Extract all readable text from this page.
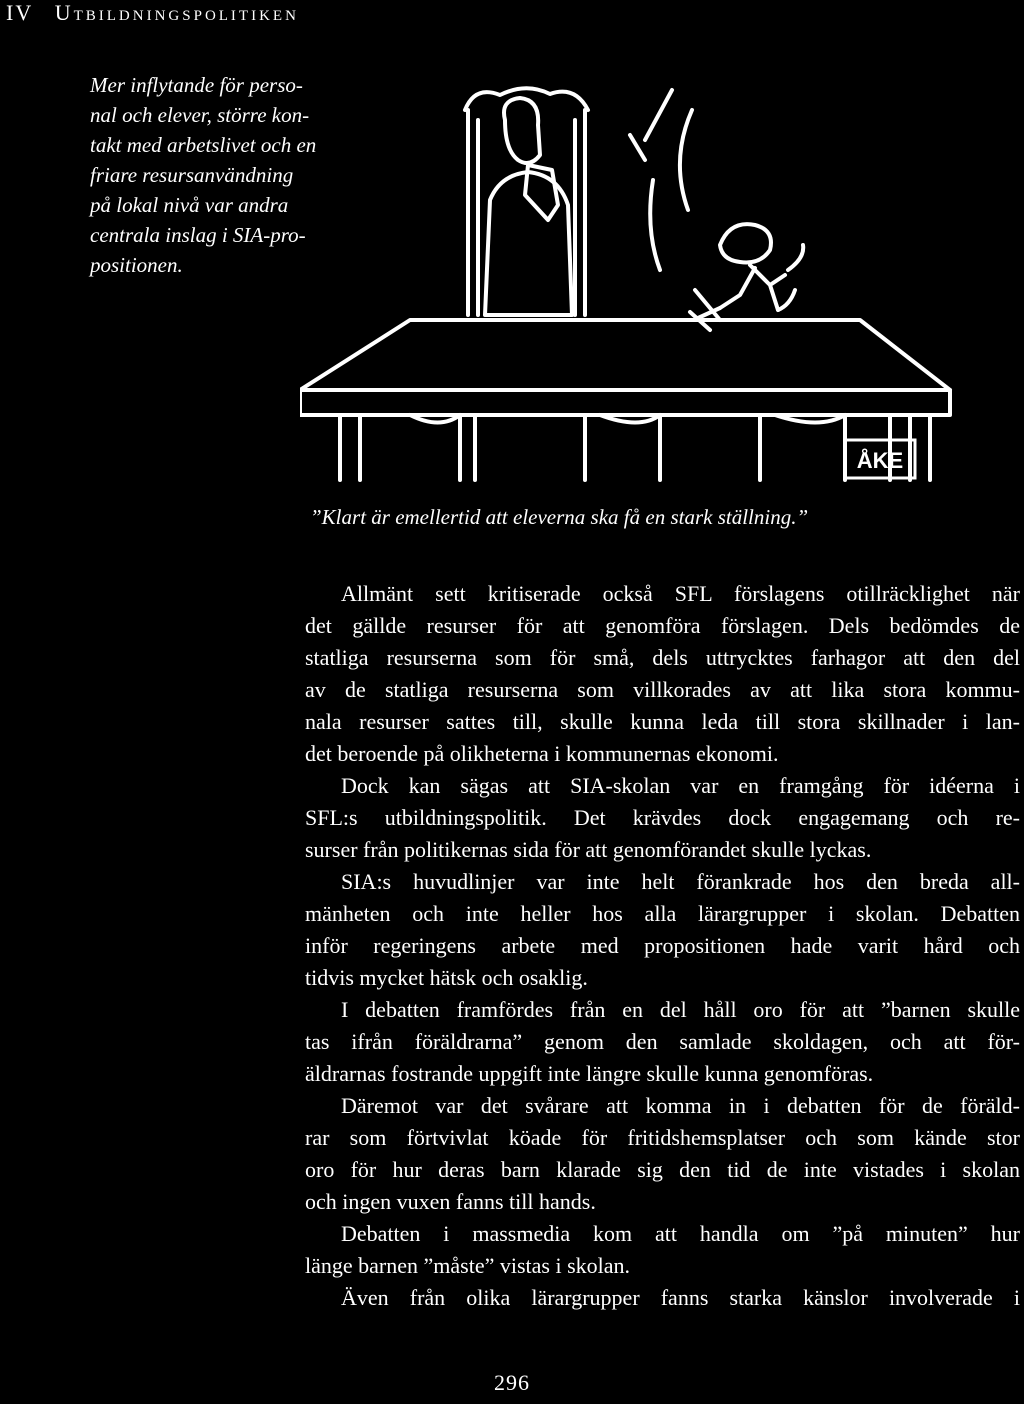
IV Utbildningspolitiken
Mer inflytande för perso-
nal och elever, större kon-
takt med arbetslivet och en
friare resursanvändning
på lokal nivå var andra
centrala inslag i SIA-pro-
positionen.
ÅKE
”Klart är emellertid att eleverna ska få en stark ställning.”
Allmänt sett kritiserade också SFL förslagens otillräcklighet när
det gällde resurser för att genomföra förslagen. Dels bedömdes de
statliga resurserna som för små, dels uttrycktes farhagor att den del
av de statliga resurserna som villkorades av att lika stora kommu-
nala resurser sattes till, skulle kunna leda till stora skillnader i lan-
det beroende på olikheterna i kommunernas ekonomi.
Dock kan sägas att SIA-skolan var en framgång för idéerna i
SFL:s utbildningspolitik. Det krävdes dock engagemang och re-
surser från politikernas sida för att genomförandet skulle lyckas.
SIA:s huvudlinjer var inte helt förankrade hos den breda all-
mänheten och inte heller hos alla lärargrupper i skolan. Debatten
inför regeringens arbete med propositionen hade varit hård och
tidvis mycket hätsk och osaklig.
I debatten framfördes från en del håll oro för att ”barnen skulle
tas ifrån föräldrarna” genom den samlade skoldagen, och att för-
äldrarnas fostrande uppgift inte längre skulle kunna genomföras.
Däremot var det svårare att komma in i debatten för de föräld-
rar som förtvivlat köade för fritidshemsplatser och som kände stor
oro för hur deras barn klarade sig den tid de inte vistades i skolan
och ingen vuxen fanns till hands.
Debatten i massmedia kom att handla om ”på minuten” hur
länge barnen ”måste” vistas i skolan.
Även från olika lärargrupper fanns starka känslor involverade i
296
